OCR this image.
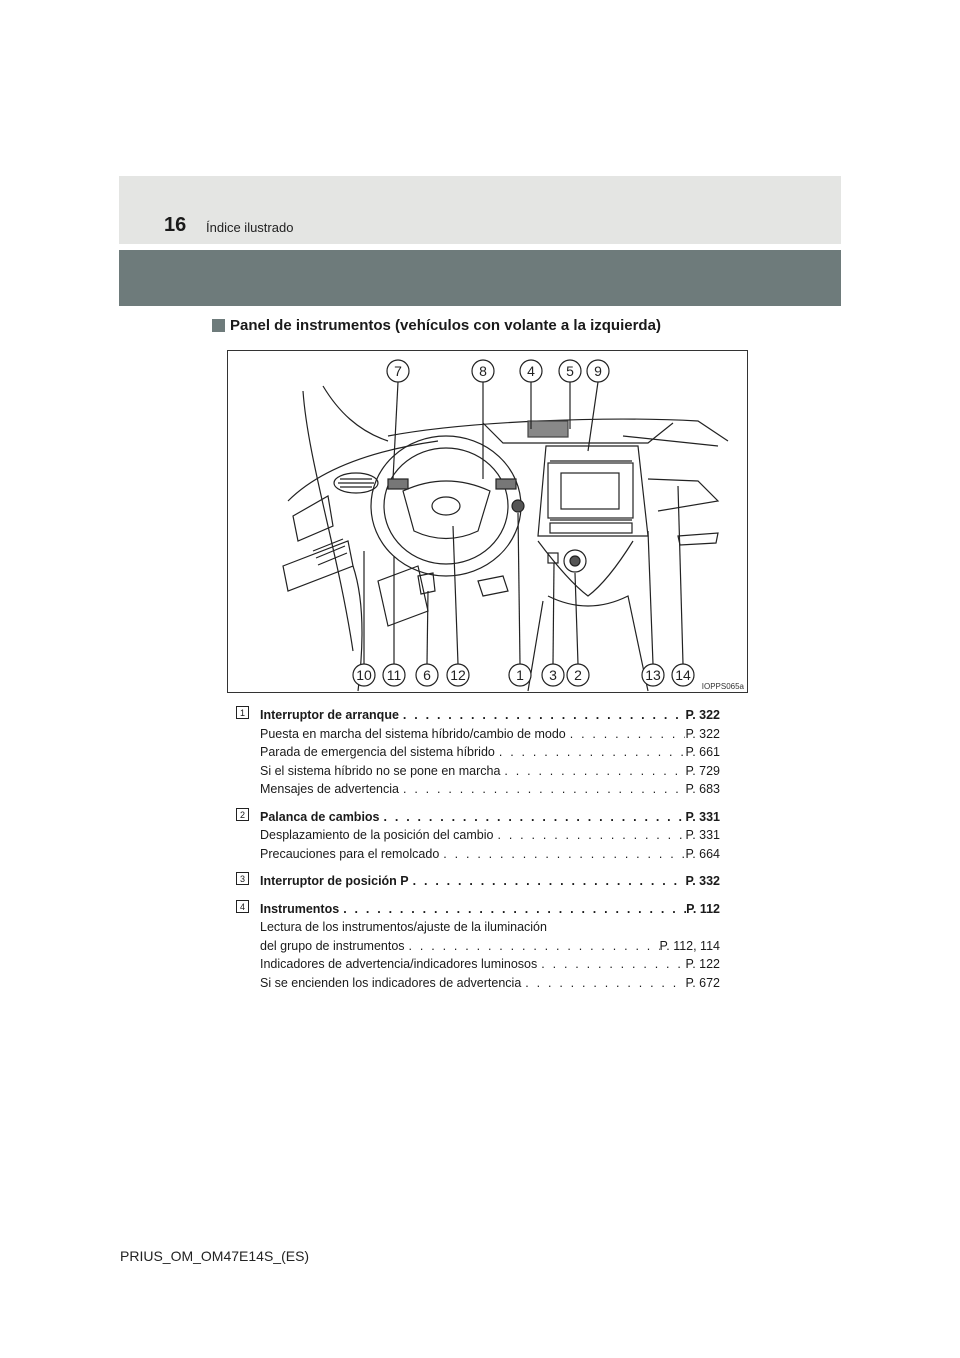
16 Índice ilustrado
Panel de instrumentos (vehículos con volante a la izquierda)
7	8	4 5 9
10 11 6 12	1 3 2	13 14
IOPPS065a
1	Interruptor de arranque . . .	P. 322
Puesta en marcha del sistema híbrido/cambio de modo . . .	P. 322
Parada de emergencia del sistema híbrido . . .	P. 661
Si el sistema híbrido no se pone en marcha . . .	P. 729
Mensajes de advertencia . . .	P. 683
2	Palanca de cambios . . .	P. 331
Desplazamiento de la posición del cambio . . .	P. 331
Precauciones para el remolcado . . .	P. 664
3	Interruptor de posición P . . .	P. 332
4	Instrumentos . . .	P. 112
Lectura de los instrumentos/ajuste de la iluminación
del grupo de instrumentos . . .	P. 112, 114
Indicadores de advertencia/indicadores luminosos . . .	P. 122
Si se encienden los indicadores de advertencia . . .	P. 672
PRIUS_OM_OM47E14S_(ES)
